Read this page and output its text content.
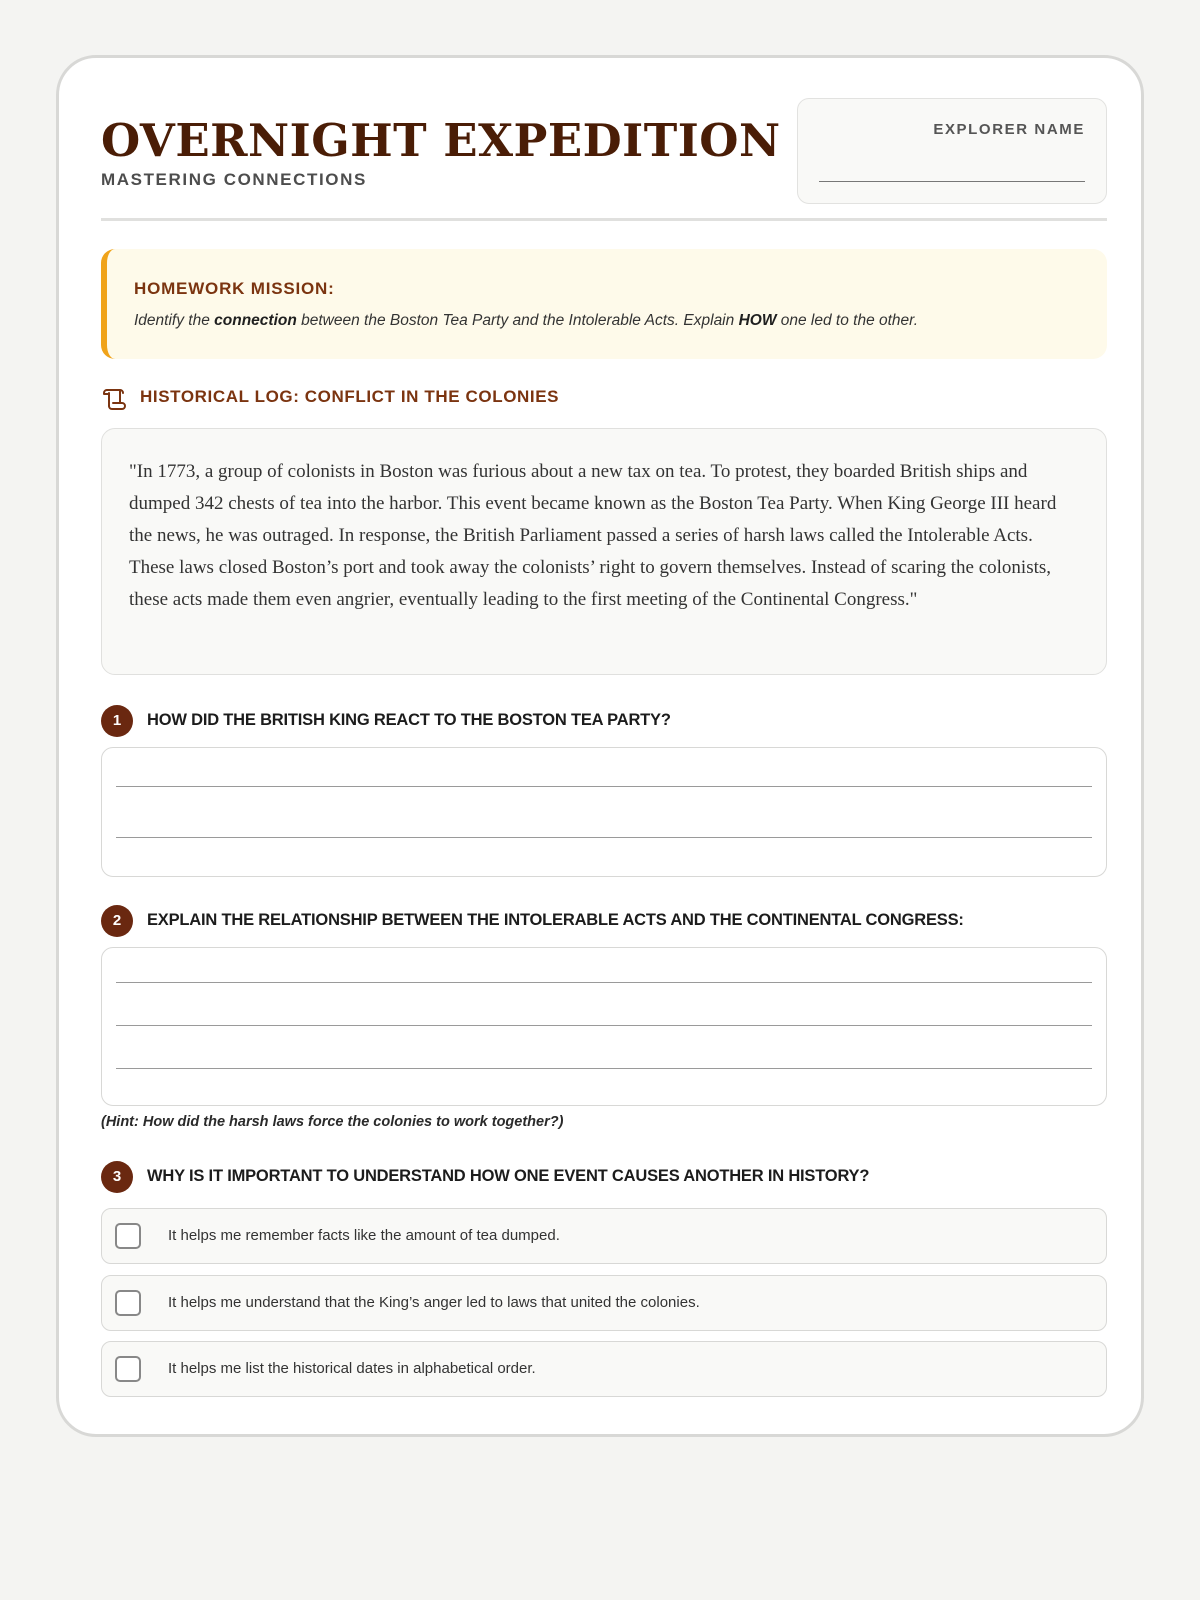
OVERNIGHT EXPEDITION
MASTERING CONNECTIONS
EXPLORER NAME
HOMEWORK MISSION:
Identify the connection between the Boston Tea Party and the Intolerable Acts. Explain HOW one led to the other.
HISTORICAL LOG: CONFLICT IN THE COLONIES
"In 1773, a group of colonists in Boston was furious about a new tax on tea. To protest, they boarded British ships and dumped 342 chests of tea into the harbor. This event became known as the Boston Tea Party. When King George III heard the news, he was outraged. In response, the British Parliament passed a series of harsh laws called the Intolerable Acts. These laws closed Boston’s port and took away the colonists’ right to govern themselves. Instead of scaring the colonists, these acts made them even angrier, eventually leading to the first meeting of the Continental Congress."
1	HOW DID THE BRITISH KING REACT TO THE BOSTON TEA PARTY?
2	EXPLAIN THE RELATIONSHIP BETWEEN THE INTOLERABLE ACTS AND THE CONTINENTAL CONGRESS:
(Hint: How did the harsh laws force the colonies to work together?)
3	WHY IS IT IMPORTANT TO UNDERSTAND HOW ONE EVENT CAUSES ANOTHER IN HISTORY?
It helps me remember facts like the amount of tea dumped.
It helps me understand that the King’s anger led to laws that united the colonies.
It helps me list the historical dates in alphabetical order.
